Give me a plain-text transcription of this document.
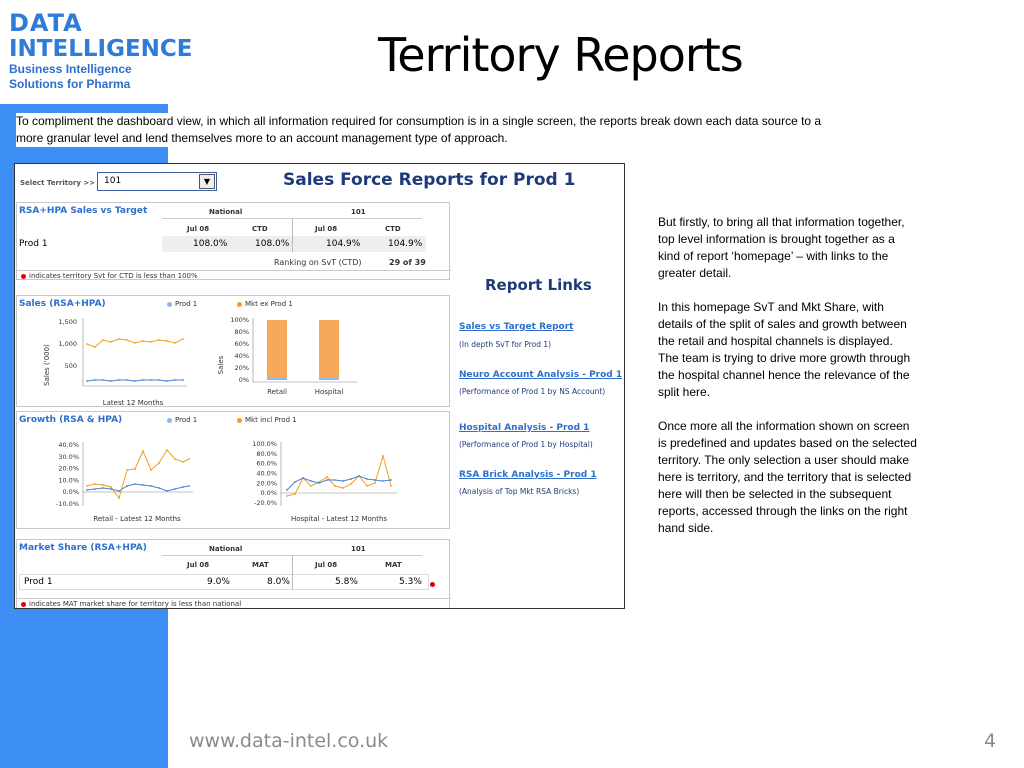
DATA
INTELLIGENCE
Business Intelligence
Solutions for Pharma
Territory Reports
To compliment the dashboard view, in which all information required for consumption is in a single screen, the reports break down each data source to a more granular level and lend themselves more to an account management type of approach.
Select Territory >> 101	▼	Sales Force Reports for Prod 1
RSA+HPA Sales vs Target	National	101
Jul 08	CTD	Jul 08	CTD
Prod 1	108.0%	108.0%	104.9%	104.9%
Ranking on SvT (CTD)	29 of 39
indicates territory Svt for CTD is less than 100%
Sales (RSA+HPA)	Prod 1	Mkt ex Prod 1
Sales ('000)
1,500
1,000
500
Latest 12 Months
Sales
100%
80%
60%
40%
20%
0%
Retail	Hospital
Growth (RSA & HPA)	Prod 1	Mkt incl Prod 1
40.0%
30.0%
20.0%
10.0%
0.0%
-10.0%
Retail - Latest 12 Months
100.0%
80.0%
60.0%
40.0%
20.0%
0.0%
-20.0%
Hospital - Latest 12 Months
Market Share (RSA+HPA)	National	101
Jul 08	MAT	Jul 08	MAT
Prod 1	9.0%	8.0%	5.8%	5.3%
indicates MAT market share for territory is less than national
Report Links
Sales vs Target Report
(In depth SvT for Prod 1)
Neuro Account Analysis - Prod 1
(Performance of Prod 1 by NS Account)
Hospital Analysis - Prod 1
(Performance of Prod 1 by Hospital)
RSA Brick Analysis - Prod 1
(Analysis of Top Mkt RSA Bricks)

But firstly, to bring all that information together, top level information is brought together as a kind of report ‘homepage’ – with links to the greater detail.

In this homepage SvT and Mkt Share, with details of the split of sales and growth between the retail and hospital channels is displayed.

The team is trying to drive more growth through the hospital channel hence the relevance of the split here.

Once more all the information shown on screen is predefined and updates based on the selected territory. The only selection a user should make here is territory, and the territory that is selected here will then be selected in the subsequent reports, accessed through the links on the right hand side.

www.data-intel.co.uk	4
